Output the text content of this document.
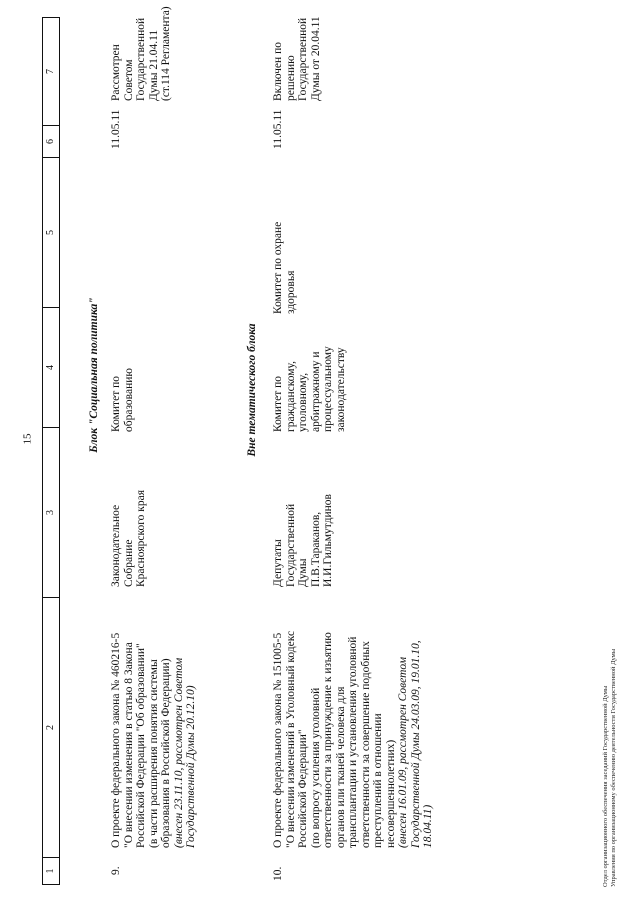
15
1
2
3
4
5
6
7
Блок "Социальная политика"
9.
О проекте федерального закона № 460216-5
"О внесении изменения в статью 8 Закона
Российской Федерации "Об образовании"
(в части расширения понятия системы
образования в Российской Федерации)
(внесен 23.11.10, рассмотрен Советом
Государственной Думы 20.12.10)
Законодательное
Собрание
Красноярского края
Комитет по
образованию
11.05.11
Рассмотрен Советом
Государственной
Думы 21.04.11
(ст.114 Регламента)
Вне тематического блока
10.
О проекте федерального закона № 151005-5
"О внесении изменений в Уголовный кодекс
Российской Федерации"
(по вопросу усиления уголовной
ответственности за принуждение к изъятию
органов или тканей человека для
трансплантации и установления уголовной
ответственности за совершение подобных
преступлений в отношении
несовершеннолетних)
(внесен 16.01.09, рассмотрен Советом
Государственной Думы 24.03.09, 19.01.10,
18.04.11)
Депутаты
Государственной
Думы
П.В.Тараканов,
И.И.Гильмутдинов
Комитет по
гражданскому,
уголовному,
арбитражному и
процессуальному
законодательству
Комитет по охране
здоровья
11.05.11
Включен по
решению
Государственной
Думы от 20.04.11
Отдел организационного обеспечения заседаний Государственной Думы Управления по организационному обеспечению деятельности Государственной Думы
